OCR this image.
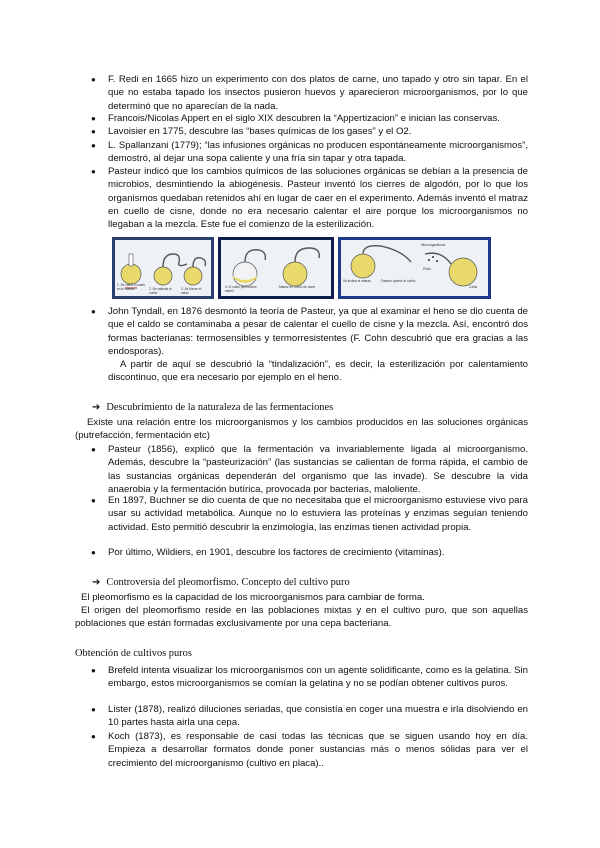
● F. Redi en 1665 hizo un experimento con dos platos de carne, uno tapado y otro sin tapar. En el que no estaba tapado los insectos pusieron huevos y aparecieron microorganismos, por lo que determinó que no aparecían de la nada.
● Francois/Nicolas Appert en el siglo XIX descubren la “Appertizacion” e inician las conservas.
● Lavoisier en 1775, descubre las “bases químicas de los gases” y el O2.
● L. Spallanzani (1779); “las infusiones orgánicas no producen espontáneamente microorganismos”, demostró, al dejar una sopa caliente y una fría sin tapar y otra tapada.
● Pasteur indicó que los cambios químicos de las soluciones orgánicas se debían a la presencia de microbios, desmintiendo la abiogénesis. Pasteur inventó los cierres de algodón, por lo que los organismos quedaban retenidos ahí en lugar de caer en el experimento. Además inventó el matraz en cuello de cisne, donde no era necesario calentar el aire porque los microorganismos no llegaban a la mezcla. Este fue el comienzo de la esterilización.
1. Se vierte el caldo en el matraz	2. Se calienta el cuello
3. Se hierve el caldo
4. El caldo permanece estéril
Matraz en cuello de cisne
Se inclina el matraz	Pasteur quebró el cuello
Microorganismos
Polvo
Caldo
● John Tyndall, en 1876 desmontó la teoría de Pasteur, ya que al examinar el heno se dio cuenta de que el caldo se contaminaba a pesar de calentar el cuello de cisne y la mezcla. Así, encontró dos formas bacterianas: termosensibles y termorresistentes (F. Cohn descubrió que era gracias a las endosporas).
A partir de aquí se descubrió la “tindalización”, es decir, la esterilización por calentamiento discontinuo, que era necesario por ejemplo en el heno.
➔ Descubrimiento de la naturaleza de las fermentaciones
Existe una relación entre los microorganismos y los cambios producidos en las soluciones orgánicas (putrefacción, fermentación etc)
● Pasteur (1856), explicó que la fermentación va invariablemente ligada al microorganismo. Además, descubre la “pasteurización” (las sustancias se calientan de forma rápida, el cambio de las sustancias orgánicas dependerán del organismo que las invade). Se descubre la vida anaerobia y la fermentación butírica, provocada por bacterias, maloliente.
● En 1897, Buchner se dio cuenta de que no necesitaba que el microorganismo estuviese vivo para usar su actividad metabólica. Aunque no lo estuviera las proteínas y enzimas seguían teniendo actividad. Esto permitió descubrir la enzimología, las enzimas tienen actividad propia.
● Por último, Wildiers, en 1901, descubre los factores de crecimiento (vitaminas).
➔ Controversia del pleomorfismo. Concepto del cultivo puro
El pleomorfismo es la capacidad de los microorganismos para cambiar de forma.
El origen del pleomorfismo reside en las poblaciones mixtas y en el cultivo puro, que son aquellas poblaciones que están formadas exclusivamente por una cepa bacteriana.
Obtención de cultivos puros
● Brefeld intenta visualizar los microorganismos con un agente solidificante, como es la gelatina. Sin embargo, estos microorganismos se comían la gelatina y no se podían obtener cultivos puros.
● Lister (1878), realizó diluciones seriadas, que consistía en coger una muestra e irla disolviendo en 10 partes hasta airla una cepa.
● Koch (1873), es responsable de casi todas las técnicas que se siguen usando hoy en día. Empieza a desarrollar formatos donde poner sustancias más o menos sólidas para ver el crecimiento del microorganismo (cultivo en placa)..
